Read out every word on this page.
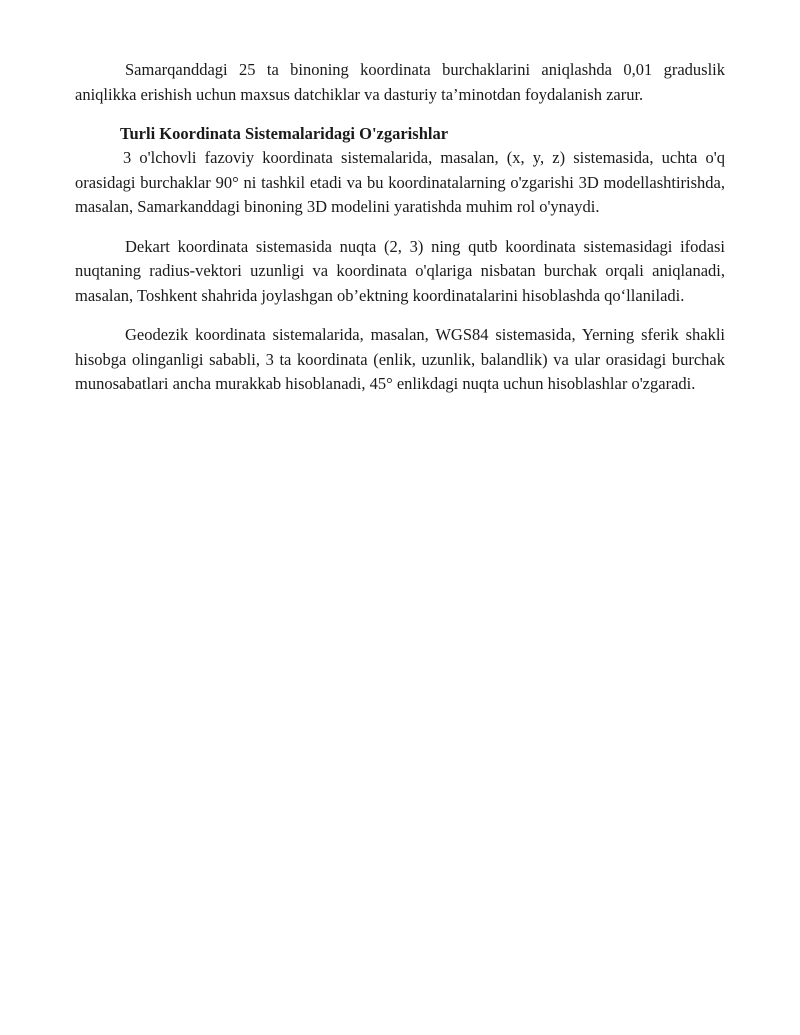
Samarqanddagi 25 ta binoning koordinata burchaklarini aniqlashda 0,01 graduslik aniqlikka erishish uchun maxsus datchiklar va dasturiy ta’minotdan foydalanish zarur.

Turli Koordinata Sistemalaridagi O'zgarishlar

3 o'lchovli fazoviy koordinata sistemalarida, masalan, (x, y, z) sistemasida, uchta o'q orasidagi burchaklar 90° ni tashkil etadi va bu koordinatalarning o'zgarishi 3D modellashtirishda, masalan, Samarkanddagi binoning 3D modelini yaratishda muhim rol o'ynaydi.

Dekart koordinata sistemasida nuqta (2, 3) ning qutb koordinata sistemasidagi ifodasi nuqtaning radius-vektori uzunligi va koordinata o'qlariga nisbatan burchak orqali aniqlanadi, masalan, Toshkent shahrida joylashgan ob’ektning koordinatalarini hisoblashda qo‘llaniladi.

Geodezik koordinata sistemalarida, masalan, WGS84 sistemasida, Yerning sferik shakli hisobga olinganligi sababli, 3 ta koordinata (enlik, uzunlik, balandlik) va ular orasidagi burchak munosabatlari ancha murakkab hisoblanadi, 45° enlikdagi nuqta uchun hisoblashlar o'zgaradi.
